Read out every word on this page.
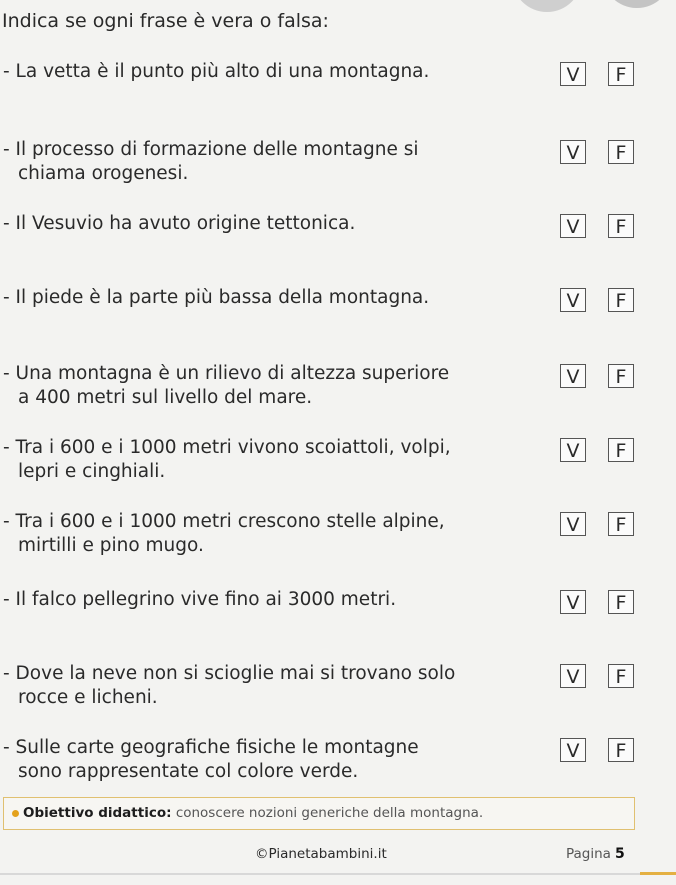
Indica se ogni frase è vera o falsa:
- La vetta è il punto più alto di una montagna.	V	F
- Il processo di formazione delle montagne si
chiama orogenesi.
V	F
- Il Vesuvio ha avuto origine tettonica.	V	F
- Il piede è la parte più bassa della montagna.	V	F
- Una montagna è un rilievo di altezza superiore
a 400 metri sul livello del mare.
V	F
- Tra i 600 e i 1000 metri vivono scoiattoli, volpi,
lepri e cinghiali.
V	F
- Tra i 600 e i 1000 metri crescono stelle alpine,
mirtilli e pino mugo.
V	F
- Il falco pellegrino vive fino ai 3000 metri.	V	F
- Dove la neve non si scioglie mai si trovano solo
rocce e licheni.
V	F
- Sulle carte geografiche fisiche le montagne
sono rappresentate col colore verde.
V	F
Obiettivo didattico: conoscere nozioni generiche della montagna.
©Pianetabambini.it	Pagina 5
